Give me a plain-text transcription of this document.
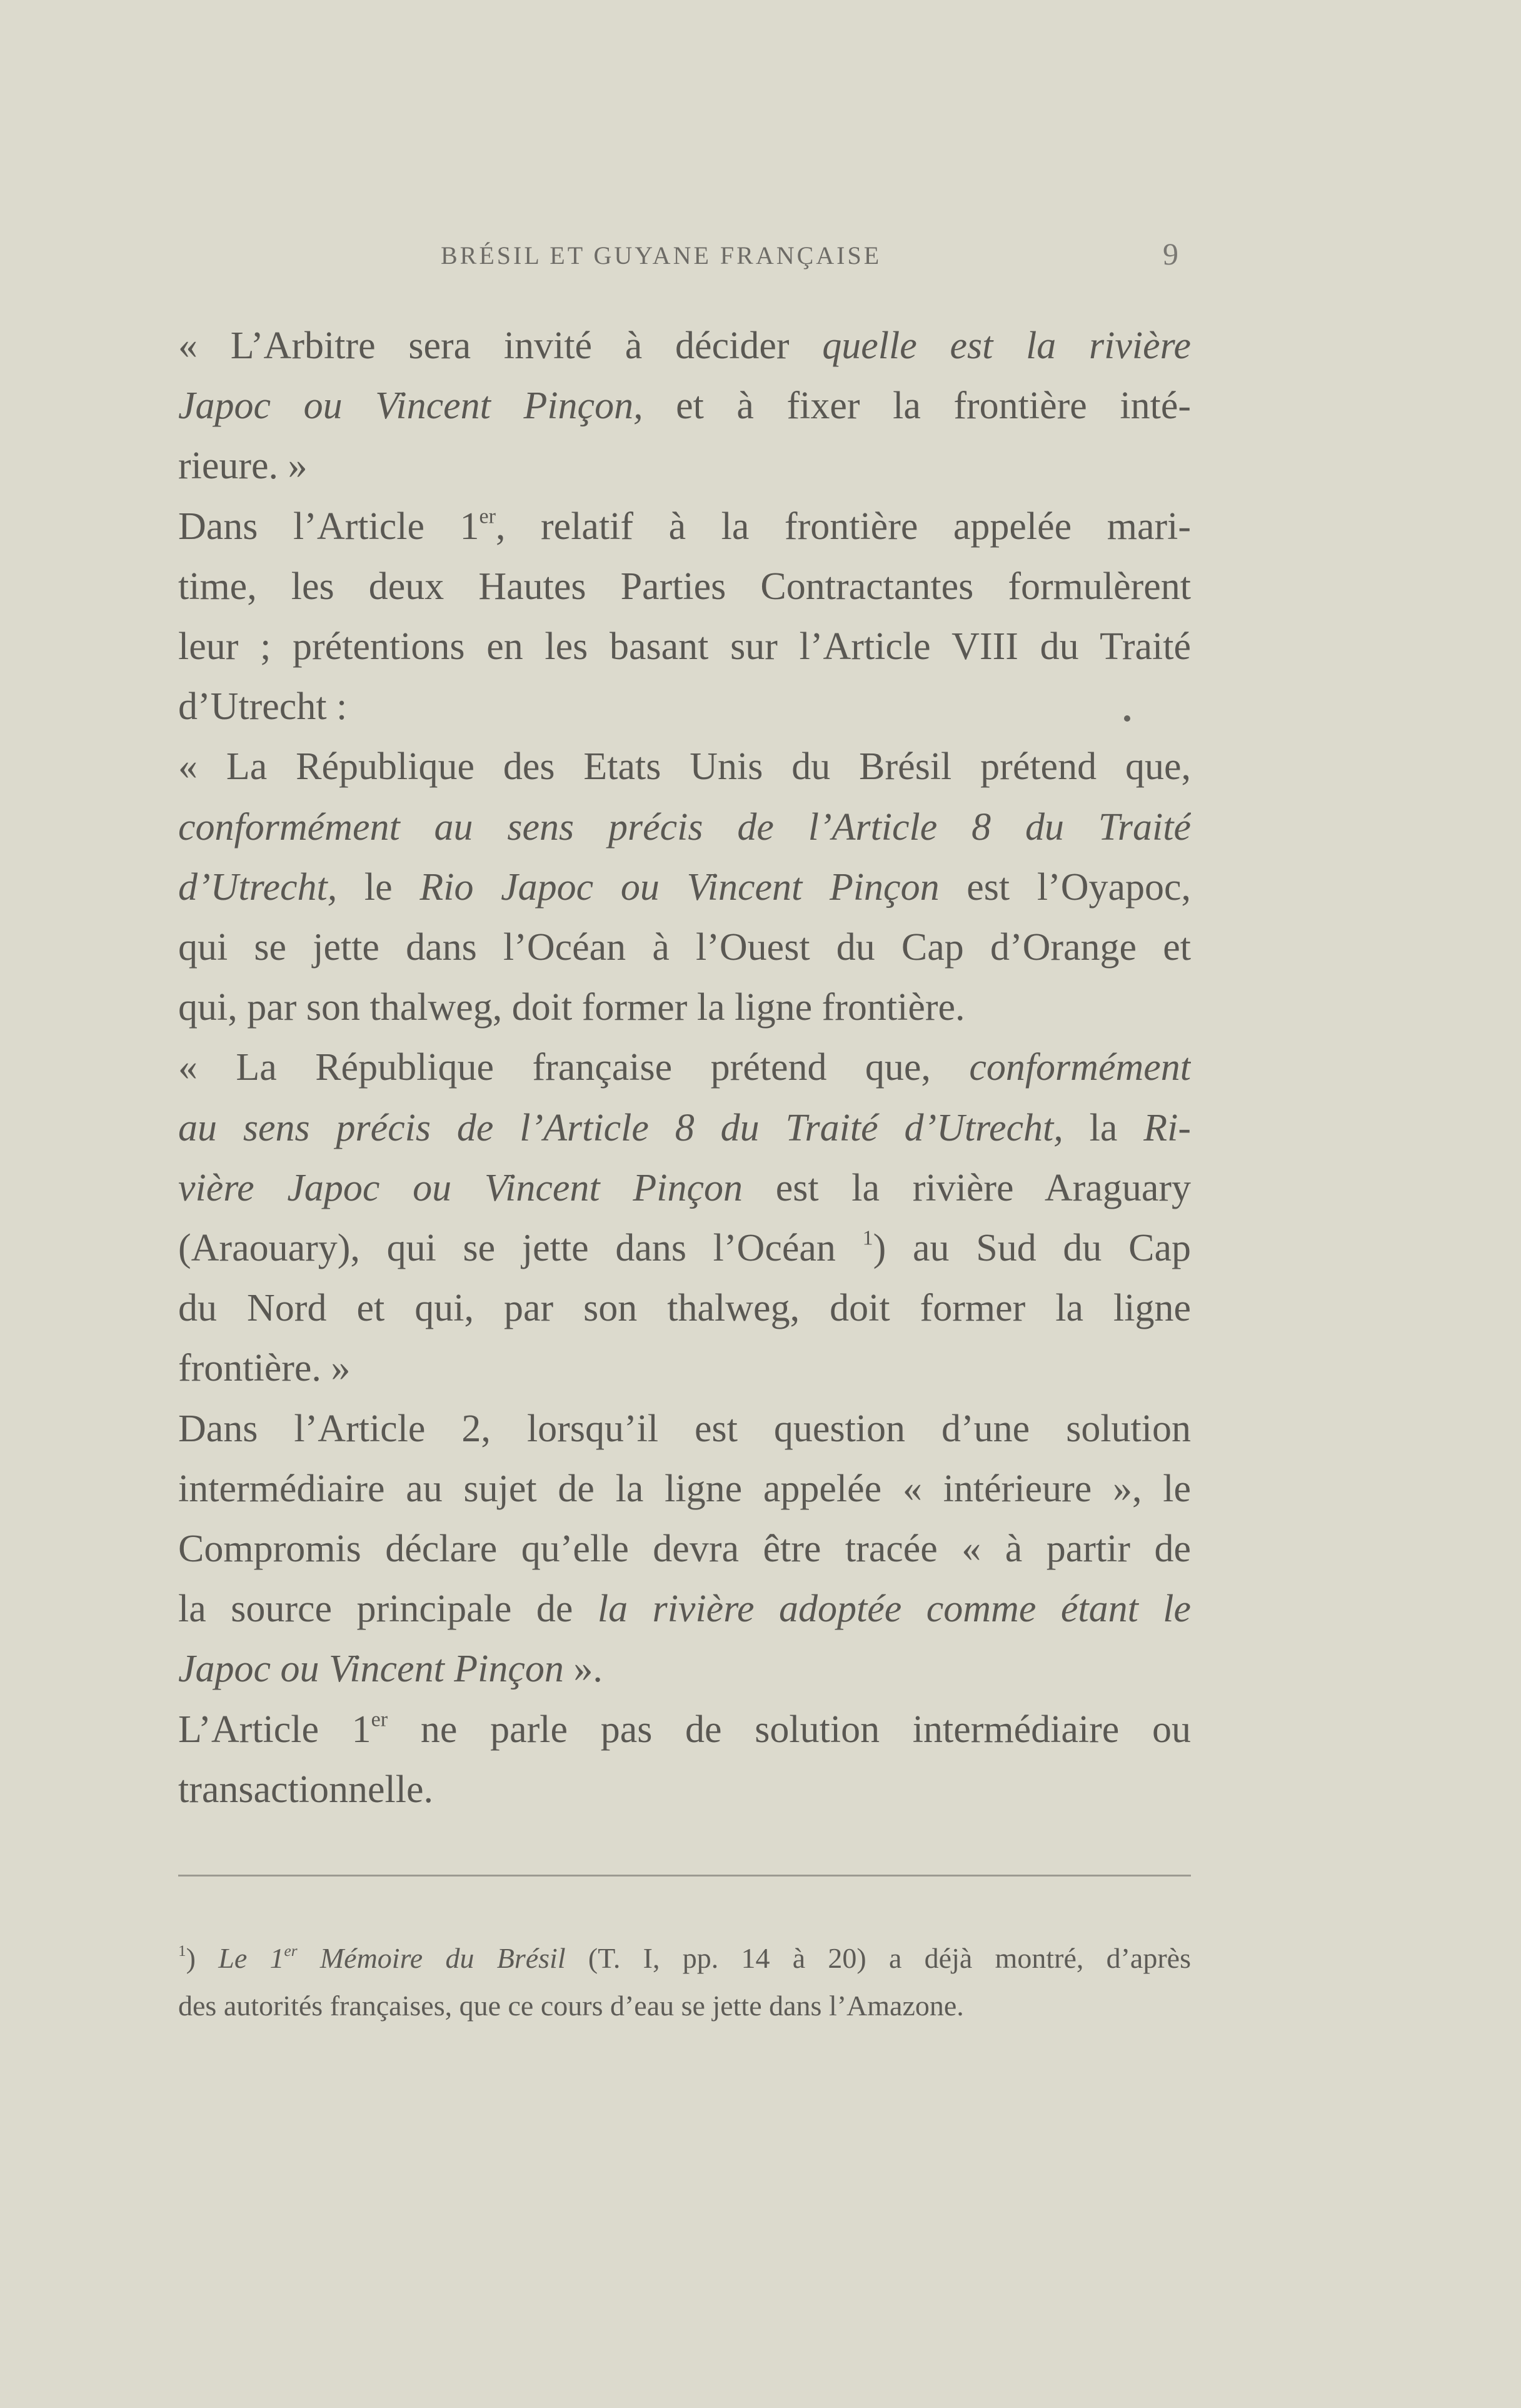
BRÉSIL ET GUYANE FRANÇAISE	9
« L’Arbitre sera invité à décider quelle est la rivière
Japoc ou Vincent Pinçon, et à fixer la frontière inté-
rieure. »
Dans l’Article 1er, relatif à la frontière appelée mari-
time, les deux Hautes Parties Contractantes formulèrent
leur ; prétentions en les basant sur l’Article VIII du Traité
d’Utrecht :
« La République des Etats Unis du Brésil prétend que,
conformément au sens précis de l’Article 8 du Traité
d’Utrecht, le Rio Japoc ou Vincent Pinçon est l’Oyapoc,
qui se jette dans l’Océan à l’Ouest du Cap d’Orange et
qui, par son thalweg, doit former la ligne frontière.
« La République française prétend que, conformément
au sens précis de l’Article 8 du Traité d’Utrecht, la Ri-
vière Japoc ou Vincent Pinçon est la rivière Araguary
(Araouary), qui se jette dans l’Océan $^1$) au Sud du Cap
du Nord et qui, par son thalweg, doit former la ligne
frontière. »
Dans l’Article 2, lorsqu’il est question d’une solution
intermédiaire au sujet de la ligne appelée « intérieure », le
Compromis déclare qu’elle devra être tracée « à partir de
la source principale de la rivière adoptée comme étant le
Japoc ou Vincent Pinçon ».
L’Article 1er ne parle pas de solution intermédiaire ou
transactionnelle.
$^1$) Le 1er Mémoire du Brésil (T. I, pp. 14 à 20) a déjà montré, d’après
des autorités françaises, que ce cours d’eau se jette dans l’Amazone.
